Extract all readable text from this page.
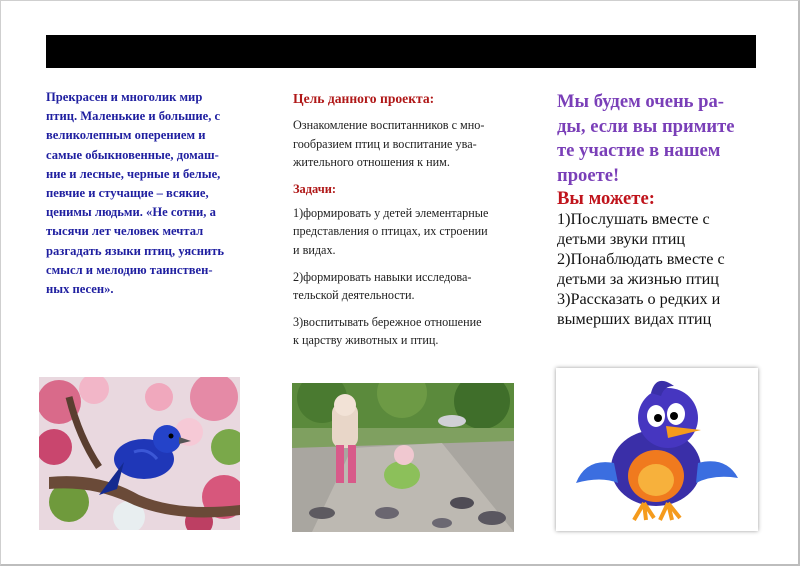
Прекрасен и многолик мир
птиц. Маленькие и большие, с
великолепным оперением и
самые обыкновенные, домаш-
ние и лесные, черные и белые,
певчие и стучащие – всякие,
ценимы людьми. «Не сотни, а
тысячи лет человек мечтал
разгадать языки птиц, уяснить
смысл и мелодию таинствен-
ных песен».
Цель данного проекта:
Ознакомление воспитанников с мно-
гообразием птиц и воспитание ува-
жительного отношения к ним.
Задачи:
1)формировать у детей элементарные
представления о птицах, их строении
и видах.
2)формировать навыки исследова-
тельской деятельности.
3)воспитывать бережное отношение
к царству животных и птиц.
Мы будем очень ра-
ды, если вы примите
те участие в нашем
проете!
Вы можете:
1)Послушать вместе с
детьми звуки птиц
2)Понаблюдать вместе с
детьми за жизнью птиц
3)Рассказать о редких и
вымерших видах птиц
